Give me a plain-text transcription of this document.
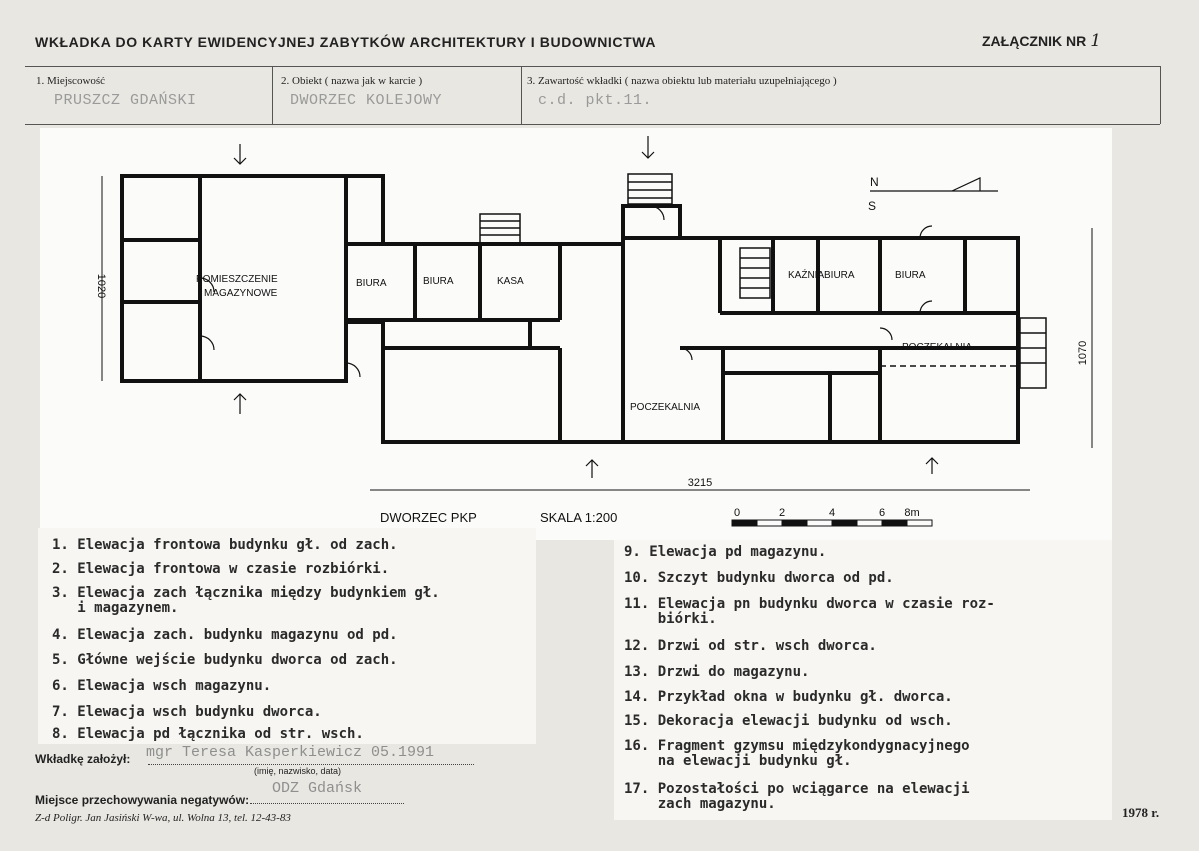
WKŁADKA DO KARTY EWIDENCYJNEJ ZABYTKÓW ARCHITEKTURY I BUDOWNICTWA	ZAŁĄCZNIK NR 1
1. Miejscowość
PRUSZCZ GDAŃSKI
2. Obiekt ( nazwa jak w karcie )
DWORZEC KOLEJOWY
3. Zawartość wkładki ( nazwa obiektu lub materiału uzupełniającego )
c.d. pkt.11.
N
S
POMIESZCZENIE
MAGAZYNOWE
BIURA	BIURA	KASA
KAŹNIA BIURA	BIURA
POCZEKALNIA
POCZEKALNIA
1020
1070
3215
DWORZEC PKP	SKALA 1:200	0	2	4	6 8m
1. Elewacja frontowa budynku gł. od zach.
2. Elewacja frontowa w czasie rozbiórki.
3. Elewacja zach łącznika między budynkiem gł.
i magazynem.
4. Elewacja zach. budynku magazynu od pd.
5. Główne wejście budynku dworca od zach.
6. Elewacja wsch magazynu.
7. Elewacja wsch budynku dworca.
8. Elewacja pd łącznika od str. wsch.
9. Elewacja pd magazynu.
10. Szczyt budynku dworca od pd.
11. Elewacja pn budynku dworca w czasie roz-
biórki.
12. Drzwi od str. wsch dworca.
13. Drzwi do magazynu.
14. Przykład okna w budynku gł. dworca.
15. Dekoracja elewacji budynku od wsch.
16. Fragment gzymsu międzykondygnacyjnego
na elewacji budynku gł.
17. Pozostałości po wciągarce na elewacji
zach magazynu.
Wkładkę założył: mgr Teresa Kasperkiewicz 05.1991
(imię, nazwisko, data)
Miejsce przechowywania negatywów:
ODZ Gdańsk
Z-d Poligr. Jan Jasiński W-wa, ul. Wolna 13, tel. 12-43-83	1978 r.
